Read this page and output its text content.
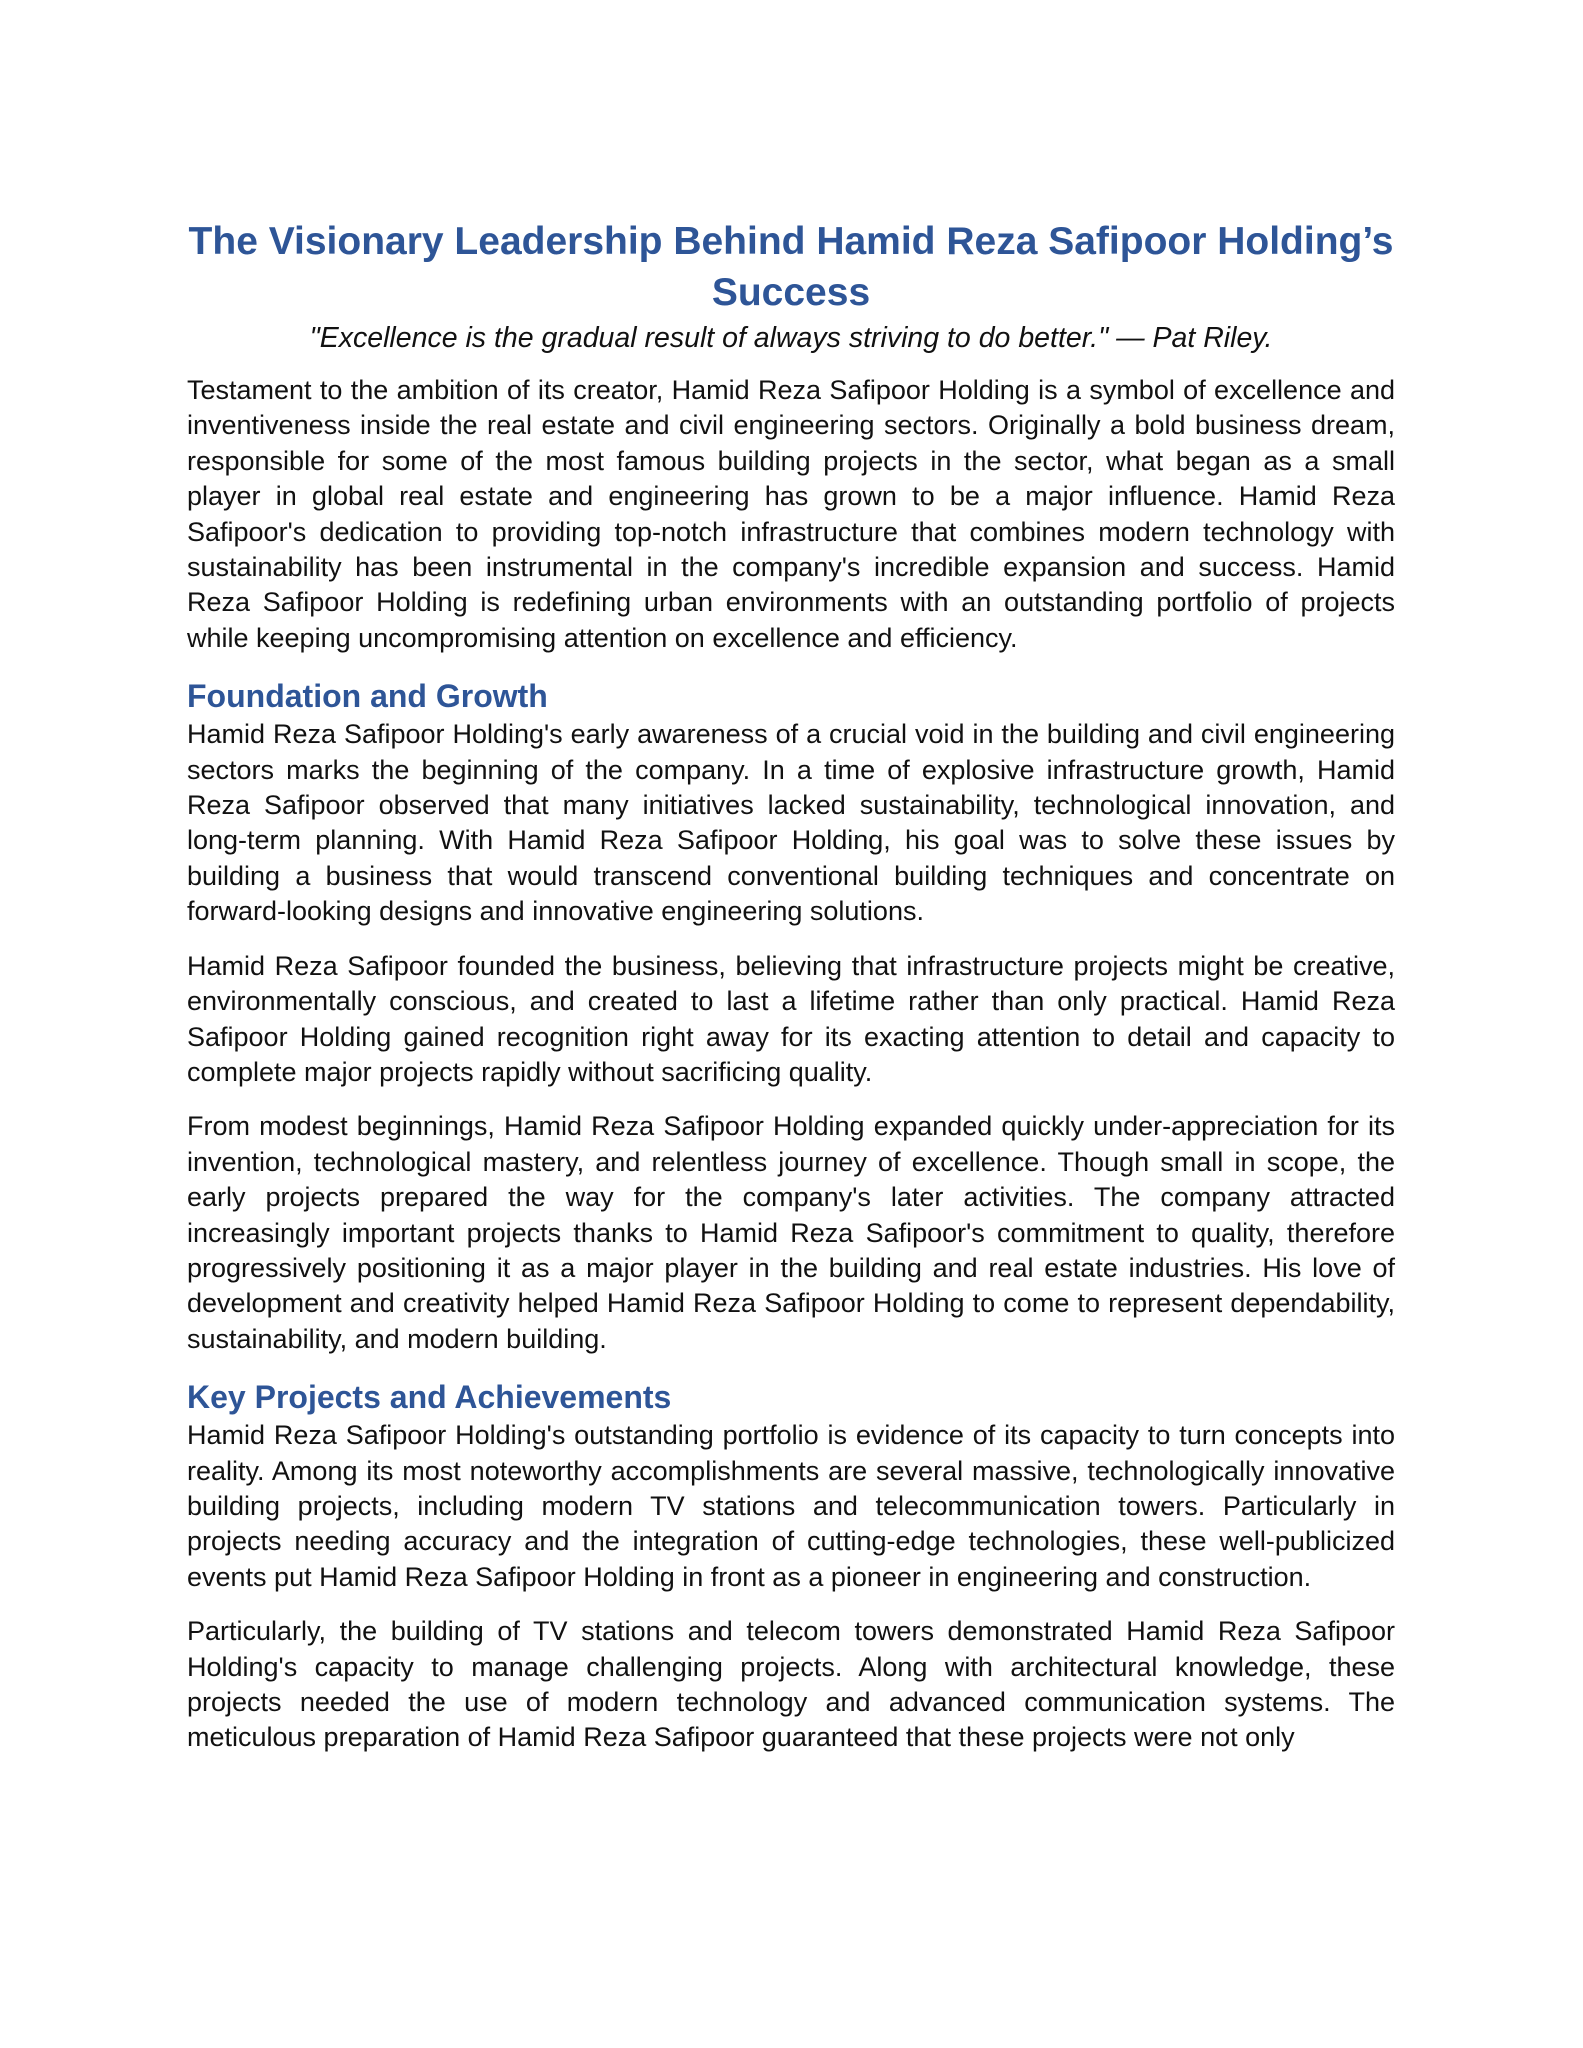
The Visionary Leadership Behind Hamid Reza Safipoor Holding’s Success

"Excellence is the gradual result of always striving to do better." — Pat Riley.

Testament to the ambition of its creator, Hamid Reza Safipoor Holding is a symbol of excellence and inventiveness inside the real estate and civil engineering sectors. Originally a bold business dream, responsible for some of the most famous building projects in the sector, what began as a small player in global real estate and engineering has grown to be a major influence. Hamid Reza Safipoor's dedication to providing top-notch infrastructure that combines modern technology with sustainability has been instrumental in the company's incredible expansion and success. Hamid Reza Safipoor Holding is redefining urban environments with an outstanding portfolio of projects while keeping uncompromising attention on excellence and efficiency.

Foundation and Growth

Hamid Reza Safipoor Holding's early awareness of a crucial void in the building and civil engineering sectors marks the beginning of the company. In a time of explosive infrastructure growth, Hamid Reza Safipoor observed that many initiatives lacked sustainability, technological innovation, and long-term planning. With Hamid Reza Safipoor Holding, his goal was to solve these issues by building a business that would transcend conventional building techniques and concentrate on forward-looking designs and innovative engineering solutions.

Hamid Reza Safipoor founded the business, believing that infrastructure projects might be creative, environmentally conscious, and created to last a lifetime rather than only practical. Hamid Reza Safipoor Holding gained recognition right away for its exacting attention to detail and capacity to complete major projects rapidly without sacrificing quality.

From modest beginnings, Hamid Reza Safipoor Holding expanded quickly under-appreciation for its invention, technological mastery, and relentless journey of excellence. Though small in scope, the early projects prepared the way for the company's later activities. The company attracted increasingly important projects thanks to Hamid Reza Safipoor's commitment to quality, therefore progressively positioning it as a major player in the building and real estate industries. His love of development and creativity helped Hamid Reza Safipoor Holding to come to represent dependability, sustainability, and modern building.

Key Projects and Achievements

Hamid Reza Safipoor Holding's outstanding portfolio is evidence of its capacity to turn concepts into reality. Among its most noteworthy accomplishments are several massive, technologically innovative building projects, including modern TV stations and telecommunication towers. Particularly in projects needing accuracy and the integration of cutting-edge technologies, these well-publicized events put Hamid Reza Safipoor Holding in front as a pioneer in engineering and construction.

Particularly, the building of TV stations and telecom towers demonstrated Hamid Reza Safipoor Holding's capacity to manage challenging projects. Along with architectural knowledge, these projects needed the use of modern technology and advanced communication systems. The meticulous preparation of Hamid Reza Safipoor guaranteed that these projects were not only
